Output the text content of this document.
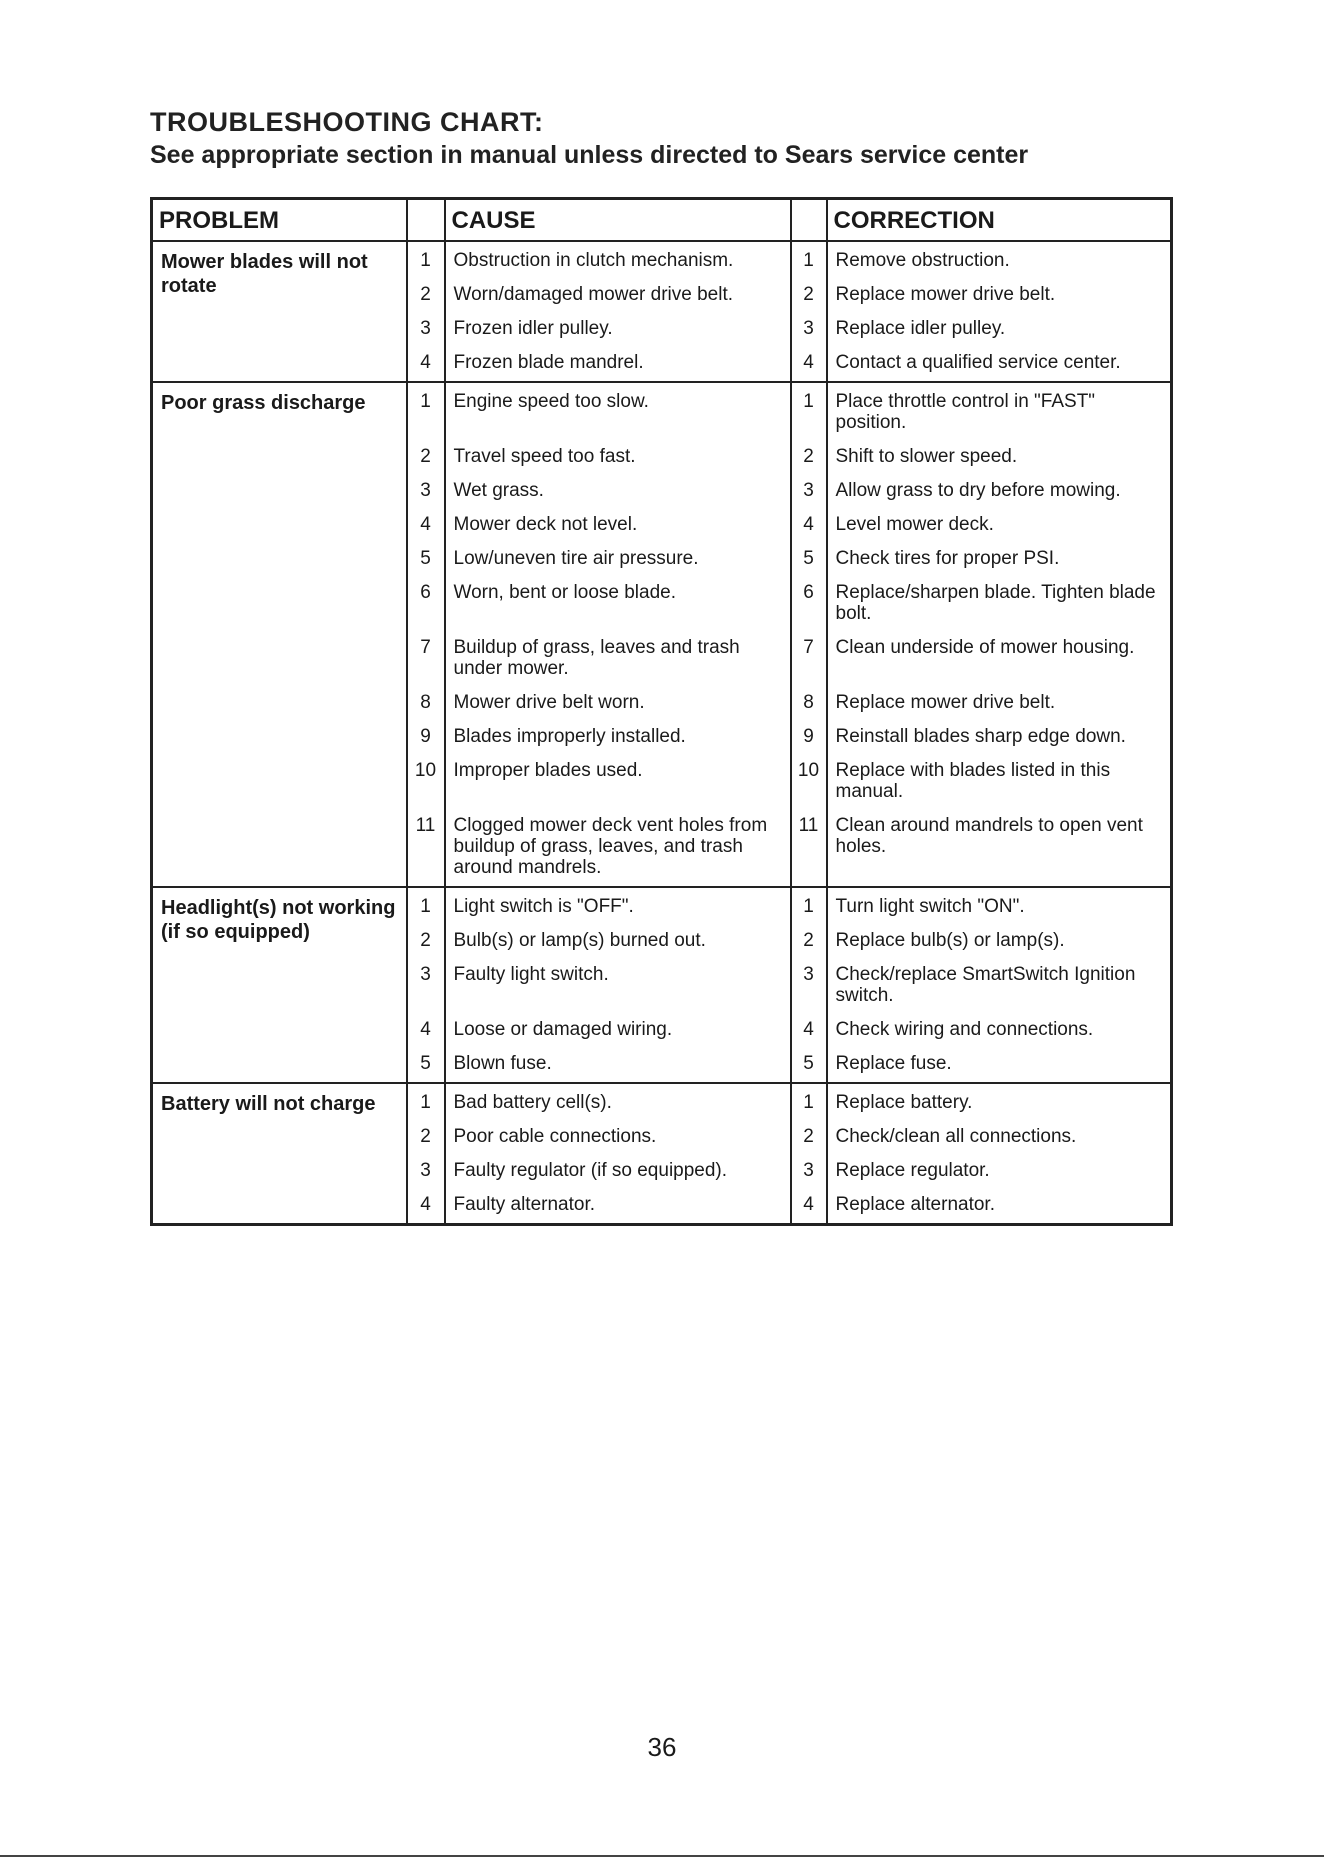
TROUBLESHOOTING CHART:
See appropriate section in manual unless directed to Sears service center
PROBLEM		CAUSE		CORRECTION
Mower blades will not rotate	1	Obstruction in clutch mechanism.	1	Remove obstruction.
	2	Worn/damaged mower drive belt.	2	Replace mower drive belt.
	3	Frozen idler pulley.	3	Replace idler pulley.
	4	Frozen blade mandrel.	4	Contact a qualified service center.
Poor grass discharge	1	Engine speed too slow.	1	Place throttle control in "FAST" position.
	2	Travel speed too fast.	2	Shift to slower speed.
	3	Wet grass.	3	Allow grass to dry before mowing.
	4	Mower deck not level.	4	Level mower deck.
	5	Low/uneven tire air pressure.	5	Check tires for proper PSI.
	6	Worn, bent or loose blade.	6	Replace/sharpen blade. Tighten blade bolt.
	7	Buildup of grass, leaves and trash under mower.	7	Clean underside of mower housing.
	8	Mower drive belt worn.	8	Replace mower drive belt.
	9	Blades improperly installed.	9	Reinstall blades sharp edge down.
	10	Improper blades used.	10	Replace with blades listed in this manual.
	11	Clogged mower deck vent holes from buildup of grass, leaves, and trash around mandrels.	11	Clean around mandrels to open vent holes.
Headlight(s) not working (if so equipped)	1	Light switch is "OFF".	1	Turn light switch "ON".
	2	Bulb(s) or lamp(s) burned out.	2	Replace bulb(s) or lamp(s).
	3	Faulty light switch.	3	Check/replace SmartSwitch Ignition switch.
	4	Loose or damaged wiring.	4	Check wiring and connections.
	5	Blown fuse.	5	Replace fuse.
Battery will not charge	1	Bad battery cell(s).	1	Replace battery.
	2	Poor cable connections.	2	Check/clean all connections.
	3	Faulty regulator (if so equipped).	3	Replace regulator.
	4	Faulty alternator.	4	Replace alternator.
36
